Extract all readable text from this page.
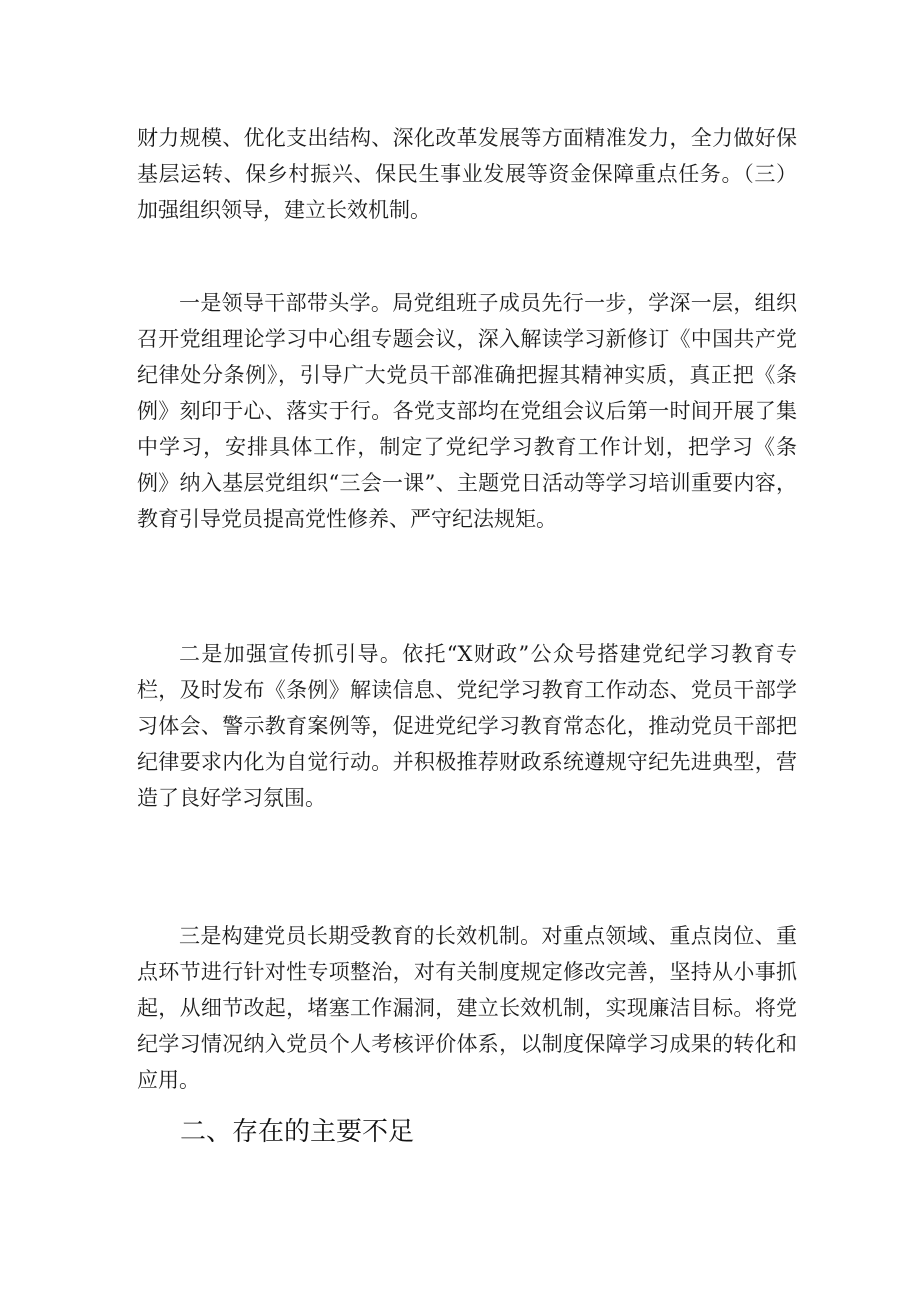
财力规模、优化支出结构、深化改革发展等方面精准发力，全力做好保基层运转、保乡村振兴、保民生事业发展等资金保障重点任务。（三）加强组织领导，建立长效机制。

一是领导干部带头学。局党组班子成员先行一步，学深一层，组织召开党组理论学习中心组专题会议，深入解读学习新修订《中国共产党纪律处分条例》，引导广大党员干部准确把握其精神实质，真正把《条例》刻印于心、落实于行。各党支部均在党组会议后第一时间开展了集中学习，安排具体工作，制定了党纪学习教育工作计划，把学习《条例》纳入基层党组织“三会一课”、主题党日活动等学习培训重要内容，教育引导党员提高党性修养、严守纪法规矩。

二是加强宣传抓引导。依托“X财政”公众号搭建党纪学习教育专栏，及时发布《条例》解读信息、党纪学习教育工作动态、党员干部学习体会、警示教育案例等，促进党纪学习教育常态化，推动党员干部把纪律要求内化为自觉行动。并积极推荐财政系统遵规守纪先进典型，营造了良好学习氛围。

三是构建党员长期受教育的长效机制。对重点领域、重点岗位、重点环节进行针对性专项整治，对有关制度规定修改完善，坚持从小事抓起，从细节改起，堵塞工作漏洞，建立长效机制，实现廉洁目标。将党纪学习情况纳入党员个人考核评价体系，以制度保障学习成果的转化和应用。

二、存在的主要不足
